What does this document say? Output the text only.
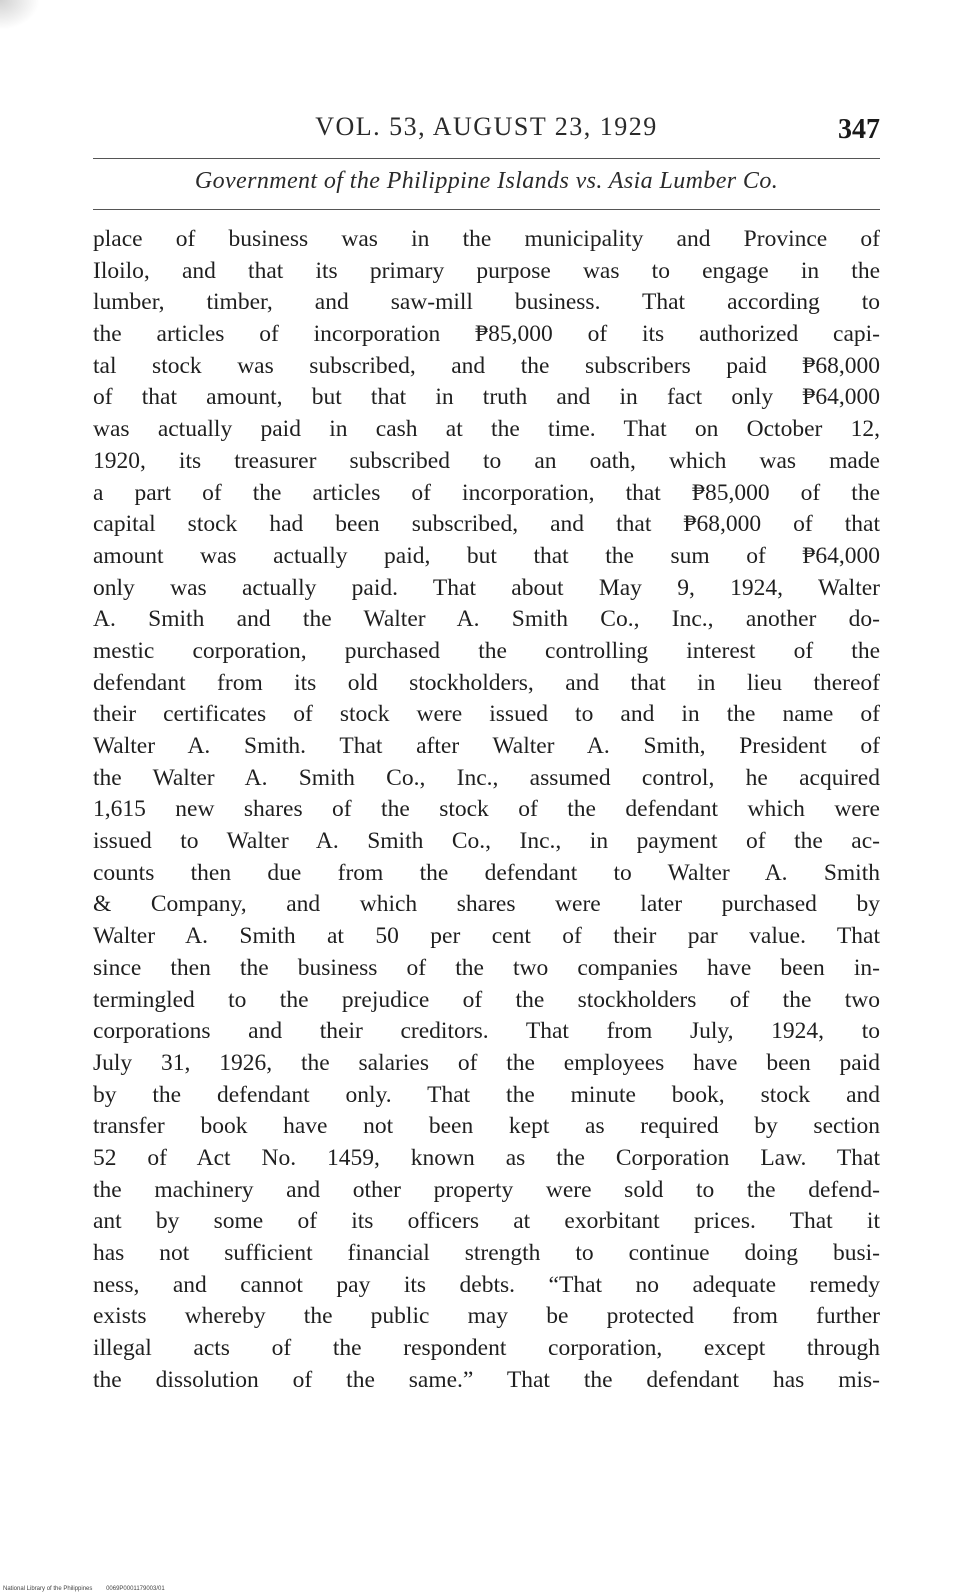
VOL. 53, AUGUST 23, 1929	347
Government of the Philippine Islands vs. Asia Lumber Co.
place of business was in the municipality and Province of
Iloilo, and that its primary purpose was to engage in the
lumber, timber, and saw-mill business. That according to
the articles of incorporation ₱85,000 of its authorized capi-
tal stock was subscribed, and the subscribers paid ₱68,000
of that amount, but that in truth and in fact only ₱64,000
was actually paid in cash at the time. That on October 12,
1920, its treasurer subscribed to an oath, which was made
a part of the articles of incorporation, that ₱85,000 of the
capital stock had been subscribed, and that ₱68,000 of that
amount was actually paid, but that the sum of ₱64,000
only was actually paid. That about May 9, 1924, Walter
A. Smith and the Walter A. Smith Co., Inc., another do-
mestic corporation, purchased the controlling interest of the
defendant from its old stockholders, and that in lieu thereof
their certificates of stock were issued to and in the name of
Walter A. Smith. That after Walter A. Smith, President of
the Walter A. Smith Co., Inc., assumed control, he acquired
1,615 new shares of the stock of the defendant which were
issued to Walter A. Smith Co., Inc., in payment of the ac-
counts then due from the defendant to Walter A. Smith
& Company, and which shares were later purchased by
Walter A. Smith at 50 per cent of their par value. That
since then the business of the two companies have been in-
termingled to the prejudice of the stockholders of the two
corporations and their creditors. That from July, 1924, to
July 31, 1926, the salaries of the employees have been paid
by the defendant only. That the minute book, stock and
transfer book have not been kept as required by section
52 of Act No. 1459, known as the Corporation Law. That
the machinery and other property were sold to the defend-
ant by some of its officers at exorbitant prices. That it
has not sufficient financial strength to continue doing busi-
ness, and cannot pay its debts. “That no adequate remedy
exists whereby the public may be protected from further
illegal acts of the respondent corporation, except through
the dissolution of the same.” That the defendant has mis-
National Library of the Philippines 0069P0001179003/01
